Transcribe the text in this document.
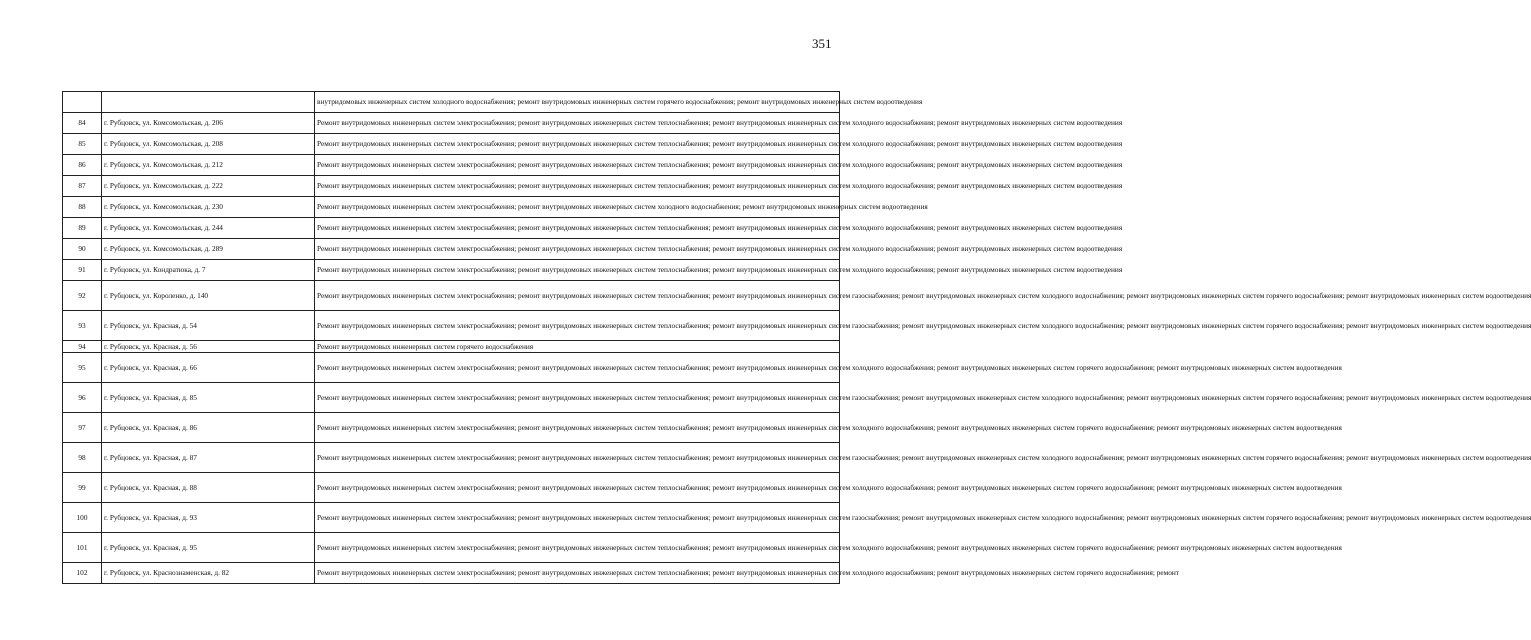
351
		внутридомовых инженерных систем холодного водоснабжения; ремонт внутридомовых инженерных систем горячего водоснабжения; ремонт внутридомовых инженерных систем водоотведения
84	г. Рубцовск, ул. Комсомольская, д. 206	Ремонт внутридомовых инженерных систем электроснабжения; ремонт внутридомовых инженерных систем теплоснабжения; ремонт внутридомовых инженерных систем холодного водоснабжения; ремонт внутридомовых инженерных систем водоотведения
85	г. Рубцовск, ул. Комсомольская, д. 208	Ремонт внутридомовых инженерных систем электроснабжения; ремонт внутридомовых инженерных систем теплоснабжения; ремонт внутридомовых инженерных систем холодного водоснабжения; ремонт внутридомовых инженерных систем водоотведения
86	г. Рубцовск, ул. Комсомольская, д. 212	Ремонт внутридомовых инженерных систем электроснабжения; ремонт внутридомовых инженерных систем теплоснабжения; ремонт внутридомовых инженерных систем холодного водоснабжения; ремонт внутридомовых инженерных систем водоотведения
87	г. Рубцовск, ул. Комсомольская, д. 222	Ремонт внутридомовых инженерных систем электроснабжения; ремонт внутридомовых инженерных систем теплоснабжения; ремонт внутридомовых инженерных систем холодного водоснабжения; ремонт внутридомовых инженерных систем водоотведения
88	г. Рубцовск, ул. Комсомольская, д. 230	Ремонт внутридомовых инженерных систем электроснабжения; ремонт внутридомовых инженерных систем холодного водоснабжения; ремонт внутридомовых инженерных систем водоотведения
89	г. Рубцовск, ул. Комсомольская, д. 244	Ремонт внутридомовых инженерных систем электроснабжения; ремонт внутридомовых инженерных систем теплоснабжения; ремонт внутридомовых инженерных систем холодного водоснабжения; ремонт внутридомовых инженерных систем водоотведения
90	г. Рубцовск, ул. Комсомольская, д. 289	Ремонт внутридомовых инженерных систем электроснабжения; ремонт внутридомовых инженерных систем теплоснабжения; ремонт внутридомовых инженерных систем холодного водоснабжения; ремонт внутридомовых инженерных систем водоотведения
91	г. Рубцовск, ул. Кондратюка, д. 7	Ремонт внутридомовых инженерных систем электроснабжения; ремонт внутридомовых инженерных систем теплоснабжения; ремонт внутридомовых инженерных систем холодного водоснабжения; ремонт внутридомовых инженерных систем водоотведения
92	г. Рубцовск, ул. Короленко, д. 140	Ремонт внутридомовых инженерных систем электроснабжения; ремонт внутридомовых инженерных систем теплоснабжения; ремонт внутридомовых инженерных систем газоснабжения; ремонт внутридомовых инженерных систем холодного водоснабжения; ремонт внутридомовых инженерных систем горячего водоснабжения; ремонт внутридомовых инженерных систем водоотведения
93	г. Рубцовск, ул. Красная, д. 54	Ремонт внутридомовых инженерных систем электроснабжения; ремонт внутридомовых инженерных систем теплоснабжения; ремонт внутридомовых инженерных систем газоснабжения; ремонт внутридомовых инженерных систем холодного водоснабжения; ремонт внутридомовых инженерных систем горячего водоснабжения; ремонт внутридомовых инженерных систем водоотведения
94	г. Рубцовск, ул. Красная, д. 56	Ремонт внутридомовых инженерных систем горячего водоснабжения
95	г. Рубцовск, ул. Красная, д. 66	Ремонт внутридомовых инженерных систем электроснабжения; ремонт внутридомовых инженерных систем теплоснабжения; ремонт внутридомовых инженерных систем холодного водоснабжения; ремонт внутридомовых инженерных систем горячего водоснабжения; ремонт внутридомовых инженерных систем водоотведения
96	г. Рубцовск, ул. Красная, д. 85	Ремонт внутридомовых инженерных систем электроснабжения; ремонт внутридомовых инженерных систем теплоснабжения; ремонт внутридомовых инженерных систем газоснабжения; ремонт внутридомовых инженерных систем холодного водоснабжения; ремонт внутридомовых инженерных систем горячего водоснабжения; ремонт внутридомовых инженерных систем водоотведения
97	г. Рубцовск, ул. Красная, д. 86	Ремонт внутридомовых инженерных систем электроснабжения; ремонт внутридомовых инженерных систем теплоснабжения; ремонт внутридомовых инженерных систем холодного водоснабжения; ремонт внутридомовых инженерных систем горячего водоснабжения; ремонт внутридомовых инженерных систем водоотведения
98	г. Рубцовск, ул. Красная, д. 87	Ремонт внутридомовых инженерных систем электроснабжения; ремонт внутридомовых инженерных систем теплоснабжения; ремонт внутридомовых инженерных систем газоснабжения; ремонт внутридомовых инженерных систем холодного водоснабжения; ремонт внутридомовых инженерных систем горячего водоснабжения; ремонт внутридомовых инженерных систем водоотведения
99	г. Рубцовск, ул. Красная, д. 88	Ремонт внутридомовых инженерных систем электроснабжения; ремонт внутридомовых инженерных систем теплоснабжения; ремонт внутридомовых инженерных систем холодного водоснабжения; ремонт внутридомовых инженерных систем горячего водоснабжения; ремонт внутридомовых инженерных систем водоотведения
100	г. Рубцовск, ул. Красная, д. 93	Ремонт внутридомовых инженерных систем электроснабжения; ремонт внутридомовых инженерных систем теплоснабжения; ремонт внутридомовых инженерных систем газоснабжения; ремонт внутридомовых инженерных систем холодного водоснабжения; ремонт внутридомовых инженерных систем горячего водоснабжения; ремонт внутридомовых инженерных систем водоотведения
101	г. Рубцовск, ул. Красная, д. 95	Ремонт внутридомовых инженерных систем электроснабжения; ремонт внутридомовых инженерных систем теплоснабжения; ремонт внутридомовых инженерных систем холодного водоснабжения; ремонт внутридомовых инженерных систем горячего водоснабжения; ремонт внутридомовых инженерных систем водоотведения
102	г. Рубцовск, ул. Краснознаменская, д. 82	Ремонт внутридомовых инженерных систем электроснабжения; ремонт внутридомовых инженерных систем теплоснабжения; ремонт внутридомовых инженерных систем холодного водоснабжения; ремонт внутридомовых инженерных систем горячего водоснабжения; ремонт
